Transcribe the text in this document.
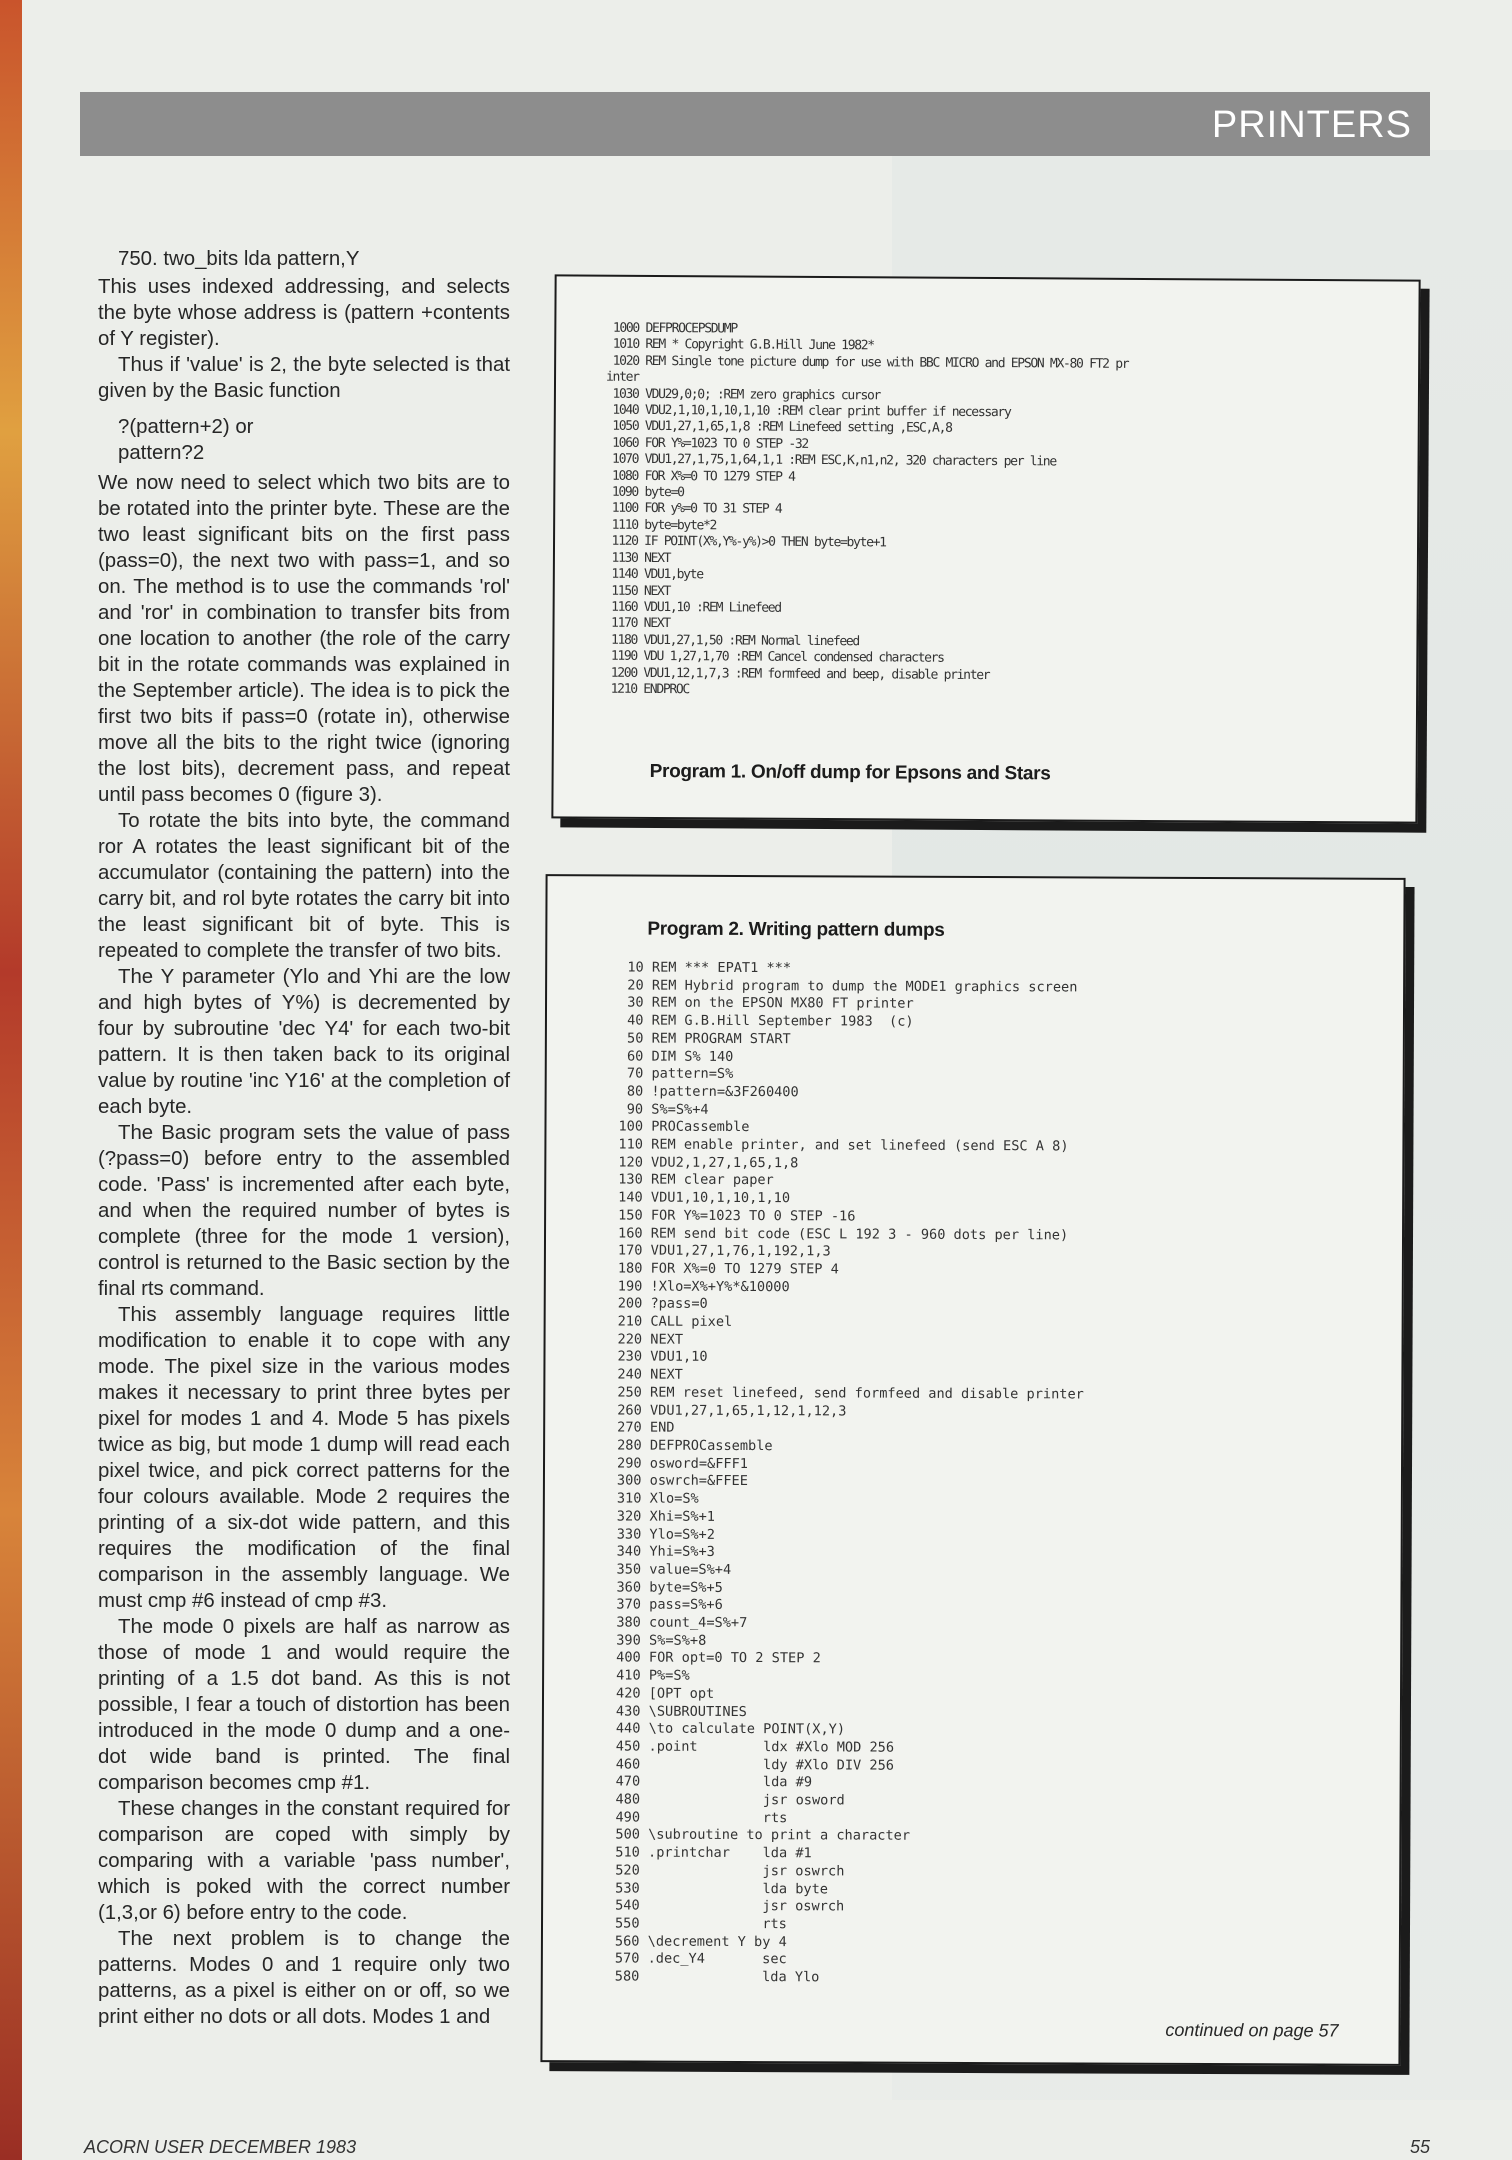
PRINTERS

750. two_bits lda pattern,Y

This uses indexed addressing, and selects the byte whose address is (pattern +contents of Y register).

Thus if 'value' is 2, the byte selected is that given by the Basic function

?(pattern+2) or

pattern?2

We now need to select which two bits are to be rotated into the printer byte. These are the two least significant bits on the first pass (pass=0), the next two with pass=1, and so on. The method is to use the commands 'rol' and 'ror' in combination to transfer bits from one location to another (the role of the carry bit in the rotate commands was explained in the September article). The idea is to pick the first two bits if pass=0 (rotate in), otherwise move all the bits to the right twice (ignoring the lost bits), decrement pass, and repeat until pass becomes 0 (figure 3).

To rotate the bits into byte, the command ror A rotates the least significant bit of the accumulator (containing the pattern) into the carry bit, and rol byte rotates the carry bit into the least significant bit of byte. This is repeated to complete the transfer of two bits.

The Y parameter (Ylo and Yhi are the low and high bytes of Y%) is decremented by four by subroutine 'dec Y4' for each two-bit pattern. It is then taken back to its original value by routine 'inc Y16' at the completion of each byte.

The Basic program sets the value of pass (?pass=0) before entry to the assembled code. 'Pass' is incremented after each byte, and when the required number of bytes is complete (three for the mode 1 version), control is returned to the Basic section by the final rts command.

This assembly language requires little modification to enable it to cope with any mode. The pixel size in the various modes makes it necessary to print three bytes per pixel for modes 1 and 4. Mode 5 has pixels twice as big, but mode 1 dump will read each pixel twice, and pick correct patterns for the four colours available. Mode 2 requires the printing of a six-dot wide pattern, and this requires the modification of the final comparison in the assembly language. We must cmp #6 instead of cmp #3.

The mode 0 pixels are half as narrow as those of mode 1 and would require the printing of a 1.5 dot band. As this is not possible, I fear a touch of distortion has been introduced in the mode 0 dump and a one-dot wide band is printed. The final comparison becomes cmp #1.

These changes in the constant required for comparison are coped with simply by comparing with a variable 'pass number', which is poked with the correct number (1,3,or 6) before entry to the code.

The next problem is to change the patterns. Modes 0 and 1 require only two patterns, as a pixel is either on or off, so we print either no dots or all dots. Modes 1 and

1000 DEFPROCEPSDUMP
1010 REM * Copyright G.B.Hill June 1982*
1020 REM Single tone picture dump for use with BBC MICRO and EPSON MX-80 FT2 pr
inter
1030 VDU29,0;0; :REM zero graphics cursor
1040 VDU2,1,10,1,10,1,10 :REM clear print buffer if necessary
1050 VDU1,27,1,65,1,8 :REM Linefeed setting ,ESC,A,8
1060 FOR Y%=1023 TO 0 STEP -32
1070 VDU1,27,1,75,1,64,1,1 :REM ESC,K,n1,n2, 320 characters per line
1080 FOR X%=0 TO 1279 STEP 4
1090 byte=0
1100 FOR y%=0 TO 31 STEP 4
1110 byte=byte*2
1120 IF POINT(X%,Y%-y%)>0 THEN byte=byte+1
1130 NEXT
1140 VDU1,byte
1150 NEXT
1160 VDU1,10 :REM Linefeed
1170 NEXT
1180 VDU1,27,1,50 :REM Normal linefeed
1190 VDU 1,27,1,70 :REM Cancel condensed characters
1200 VDU1,12,1,7,3 :REM formfeed and beep, disable printer
1210 ENDPROC
Program 1. On/off dump for Epsons and Stars
Program 2. Writing pattern dumps
10 REM *** EPAT1 ***
20 REM Hybrid program to dump the MODE1 graphics screen
30 REM on the EPSON MX80 FT printer
40 REM G.B.Hill September 1983  (c)
50 REM PROGRAM START
60 DIM S% 140
70 pattern=S%
80 !pattern=&3F260400
90 S%=S%+4
100 PROCassemble
110 REM enable printer, and set linefeed (send ESC A 8)
120 VDU2,1,27,1,65,1,8
130 REM clear paper
140 VDU1,10,1,10,1,10
150 FOR Y%=1023 TO 0 STEP -16
160 REM send bit code (ESC L 192 3 - 960 dots per line)
170 VDU1,27,1,76,1,192,1,3
180 FOR X%=0 TO 1279 STEP 4
190 !Xlo=X%+Y%*&10000
200 ?pass=0
210 CALL pixel
220 NEXT
230 VDU1,10
240 NEXT
250 REM reset linefeed, send formfeed and disable printer
260 VDU1,27,1,65,1,12,1,12,3
270 END
280 DEFPROCassemble
290 osword=&FFF1
300 oswrch=&FFEE
310 Xlo=S%
320 Xhi=S%+1
330 Ylo=S%+2
340 Yhi=S%+3
350 value=S%+4
360 byte=S%+5
370 pass=S%+6
380 count_4=S%+7
390 S%=S%+8
400 FOR opt=0 TO 2 STEP 2
410 P%=S%
420 [OPT opt
430 \SUBROUTINES
440 \to calculate POINT(X,Y)
450 .point        ldx #Xlo MOD 256
460               ldy #Xlo DIV 256
470               lda #9
480               jsr osword
490               rts
500 \subroutine to print a character
510 .printchar    lda #1
520               jsr oswrch
530               lda byte
540               jsr oswrch
550               rts
560 \decrement Y by 4
570 .dec_Y4       sec
580               lda Ylo
continued on page 57
ACORN USER DECEMBER 1983	55
